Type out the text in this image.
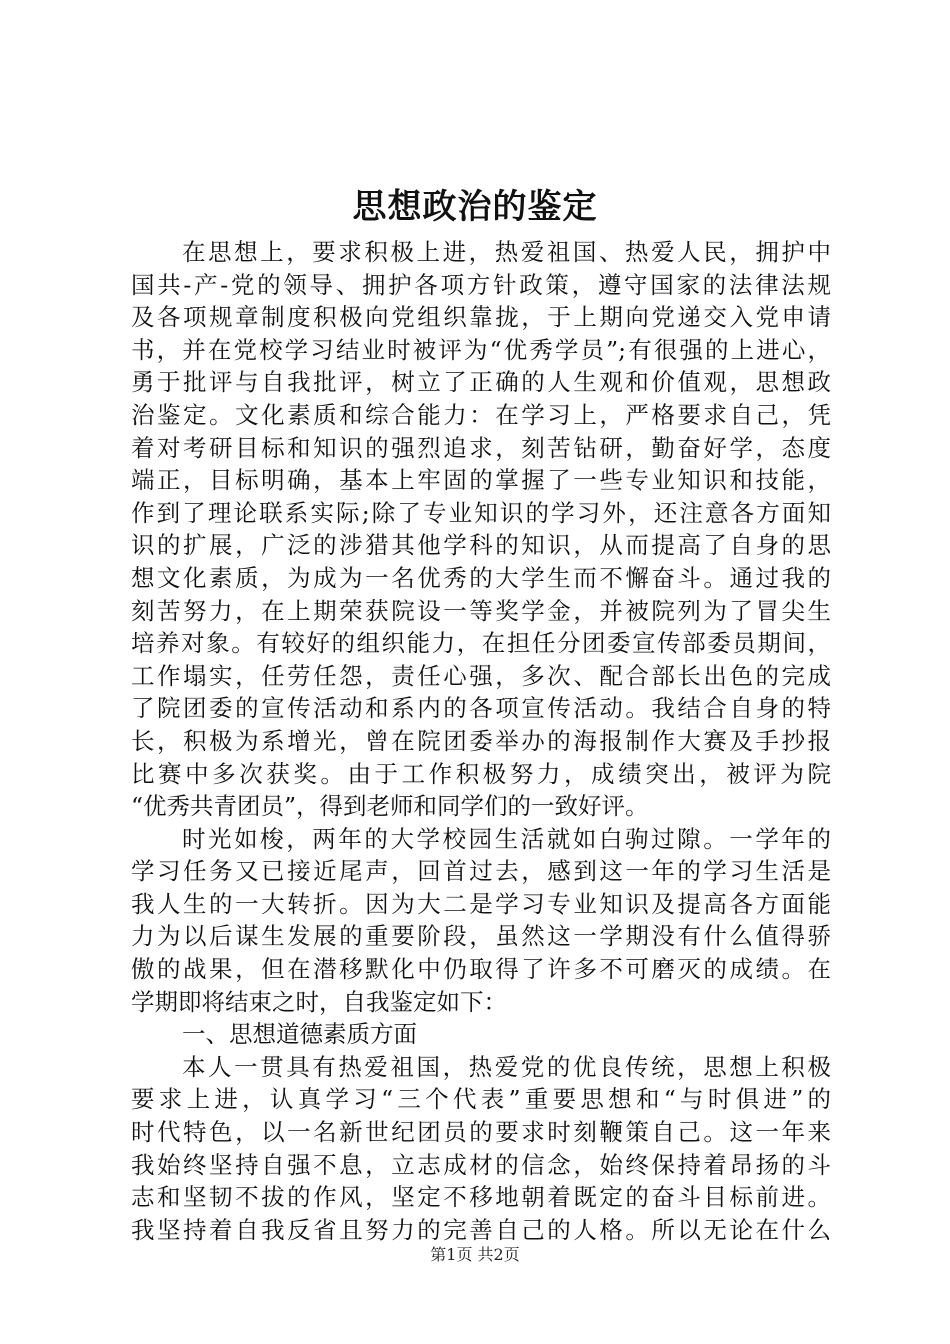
思想政治的鉴定
在思想上，要求积极上进，热爱祖国、热爱人民，拥护中
国共-产-党的领导、拥护各项方针政策，遵守国家的法律法规
及各项规章制度积极向党组织靠拢，于上期向党递交入党申请
书，并在党校学习结业时被评为“优秀学员”;有很强的上进心，
勇于批评与自我批评，树立了正确的人生观和价值观，思想政
治鉴定。文化素质和综合能力：在学习上，严格要求自己，凭
着对考研目标和知识的强烈追求，刻苦钻研，勤奋好学，态度
端正，目标明确，基本上牢固的掌握了一些专业知识和技能，
作到了理论联系实际;除了专业知识的学习外，还注意各方面知
识的扩展，广泛的涉猎其他学科的知识，从而提高了自身的思
想文化素质，为成为一名优秀的大学生而不懈奋斗。通过我的
刻苦努力，在上期荣获院设一等奖学金，并被院列为了冒尖生
培养对象。有较好的组织能力，在担任分团委宣传部委员期间，
工作塌实，任劳任怨，责任心强，多次、配合部长出色的完成
了院团委的宣传活动和系内的各项宣传活动。我结合自身的特
长，积极为系增光，曾在院团委举办的海报制作大赛及手抄报
比赛中多次获奖。由于工作积极努力，成绩突出，被评为院
“优秀共青团员”，得到老师和同学们的一致好评。
时光如梭，两年的大学校园生活就如白驹过隙。一学年的
学习任务又已接近尾声，回首过去，感到这一年的学习生活是
我人生的一大转折。因为大二是学习专业知识及提高各方面能
力为以后谋生发展的重要阶段，虽然这一学期没有什么值得骄
傲的战果，但在潜移默化中仍取得了许多不可磨灭的成绩。在
学期即将结束之时，自我鉴定如下：
一、思想道德素质方面
本人一贯具有热爱祖国，热爱党的优良传统，思想上积极
要求上进，认真学习“三个代表”重要思想和“与时俱进”的
时代特色，以一名新世纪团员的要求时刻鞭策自己。这一年来
我始终坚持自强不息，立志成材的信念，始终保持着昂扬的斗
志和坚韧不拔的作风，坚定不移地朝着既定的奋斗目标前进。
我坚持着自我反省且努力的完善自己的人格。所以无论在什么
第1页 共2页
